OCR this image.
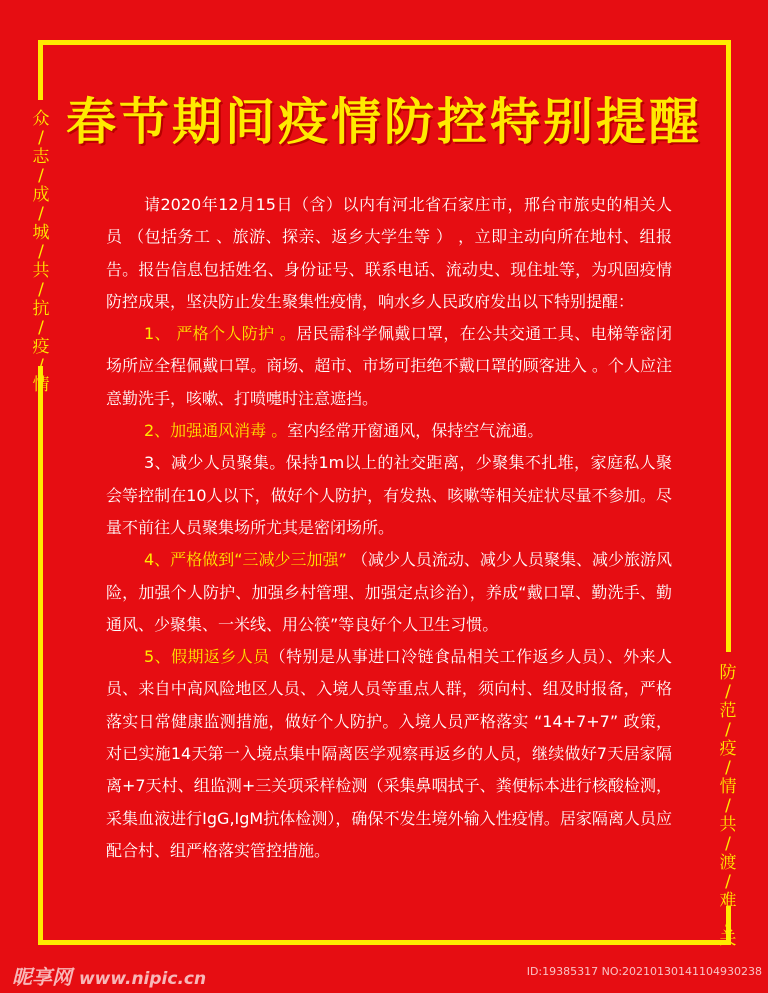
众
/
志
/
成
/
城
/
共
/
抗
/
疫
/
情
防
/
范
/
疫
/
情
/
共
/
渡
/
难
/
关
春节期间疫情防控特别提醒

请2020年12月15日（含）以内有河北省石家庄市，邢台市旅史的相关人员 （包括务工 、旅游、探亲、返乡大学生等 ） ，立即主动向所在地村、组报告。报告信息包括姓名、身份证号、联系电话、流动史、现住址等，为巩固疫情防控成果，坚决防止发生聚集性疫情，响水乡人民政府发出以下特别提醒：

1、 严格个人防护 。居民需科学佩戴口罩，在公共交通工具、电梯等密闭场所应全程佩戴口罩。商场、超市、市场可拒绝不戴口罩的顾客进入 。个人应注意勤洗手，咳嗽、打喷嚏时注意遮挡。

2、加强通风消毒 。室内经常开窗通风，保持空气流通。

3、减少人员聚集。保持1m以上的社交距离，少聚集不扎堆，家庭私人聚会等控制在10人以下，做好个人防护，有发热、咳嗽等相关症状尽量不参加。尽量不前往人员聚集场所尤其是密闭场所。

4、严格做到“三减少三加强” （减少人员流动、减少人员聚集、减少旅游风险，加强个人防护、加强乡村管理、加强定点诊治），养成“戴口罩、勤洗手、勤通风、少聚集、一米线、用公筷”等良好个人卫生习惯。

5、假期返乡人员（特别是从事进口冷链食品相关工作返乡人员）、外来人员、来自中高风险地区人员、入境人员等重点人群，须向村、组及时报备，严格落实日常健康监测措施，做好个人防护。入境人员严格落实 “14+7+7” 政策，对已实施14天第一入境点集中隔离医学观察再返乡的人员，继续做好7天居家隔离+7天村、组监测+三关项采样检测（采集鼻咽拭子、粪便标本进行核酸检测，采集血液进行IgG,IgM抗体检测），确保不发生境外输入性疫情。居家隔离人员应配合村、组严格落实管控措施。

昵享网 www.nipic.cn	ID:19385317 NO:20210130141104930238
